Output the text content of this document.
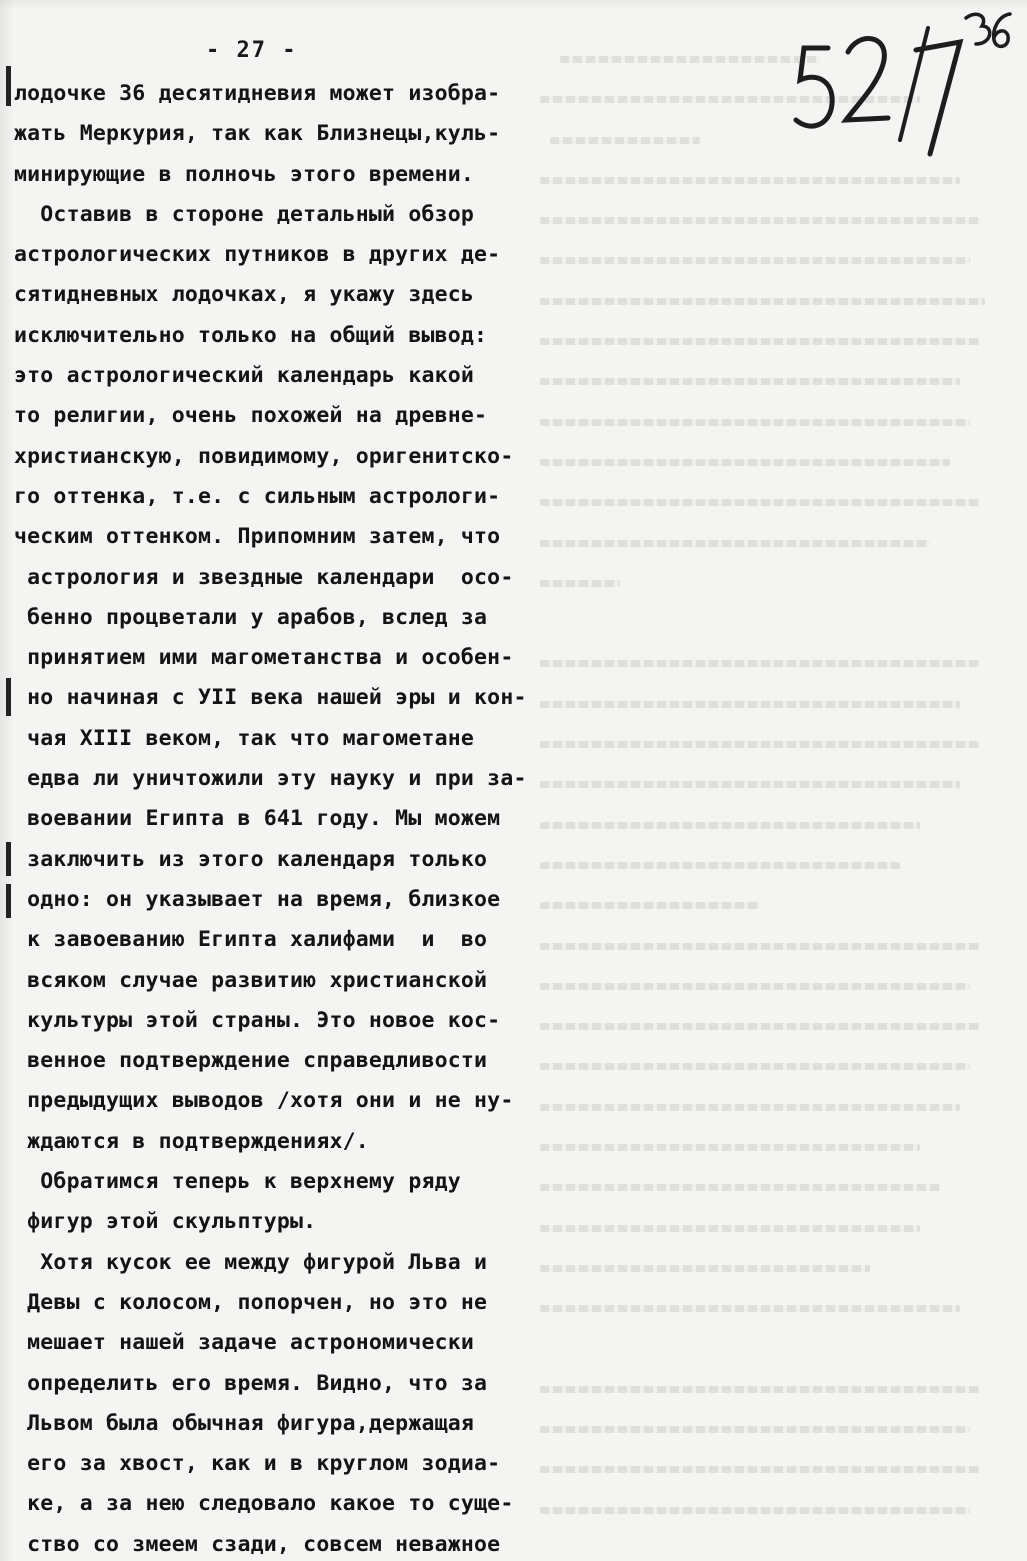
- 27 -
лодочке 36 десятидневия может изобра-
жать Меркурия, так как Близнецы,куль-
минирующие в полночь этого времени.
Оставив в стороне детальный обзор
астрологических путников в других де-
сятидневных лодочках, я укажу здесь
исключительно только на общий вывод:
это астрологический календарь какой
то религии, очень похожей на древне-
христианскую, повидимому, оригенитско-
го оттенка, т.е. с сильным астрологи-
ческим оттенком. Припомним затем, что
астрология и звездные календари  осо-
бенно процветали у арабов, вслед за
принятием ими магометанства и особен-
но начиная с УII века нашей эры и кон-
чая XIII веком, так что магометане
едва ли уничтожили эту науку и при за-
воевании Египта в 641 году. Мы можем
заключить из этого календаря только
одно: он указывает на время, близкое
к завоеванию Египта халифами  и  во
всяком случае развитию христианской
культуры этой страны. Это новое кос-
венное подтверждение справедливости
предыдущих выводов /хотя они и не ну-
ждаются в подтверждениях/.
Обратимся теперь к верхнему ряду
фигур этой скульптуры.
Хотя кусок ее между фигурой Льва и
Девы с колосом, попорчен, но это не
мешает нашей задаче астрономически
определить его время. Видно, что за
Львом была обычная фигура,держащая
его за хвост, как и в круглом зодиа-
ке, а за нею следовало какое то суще-
ство со змеем сзади, совсем неважное
